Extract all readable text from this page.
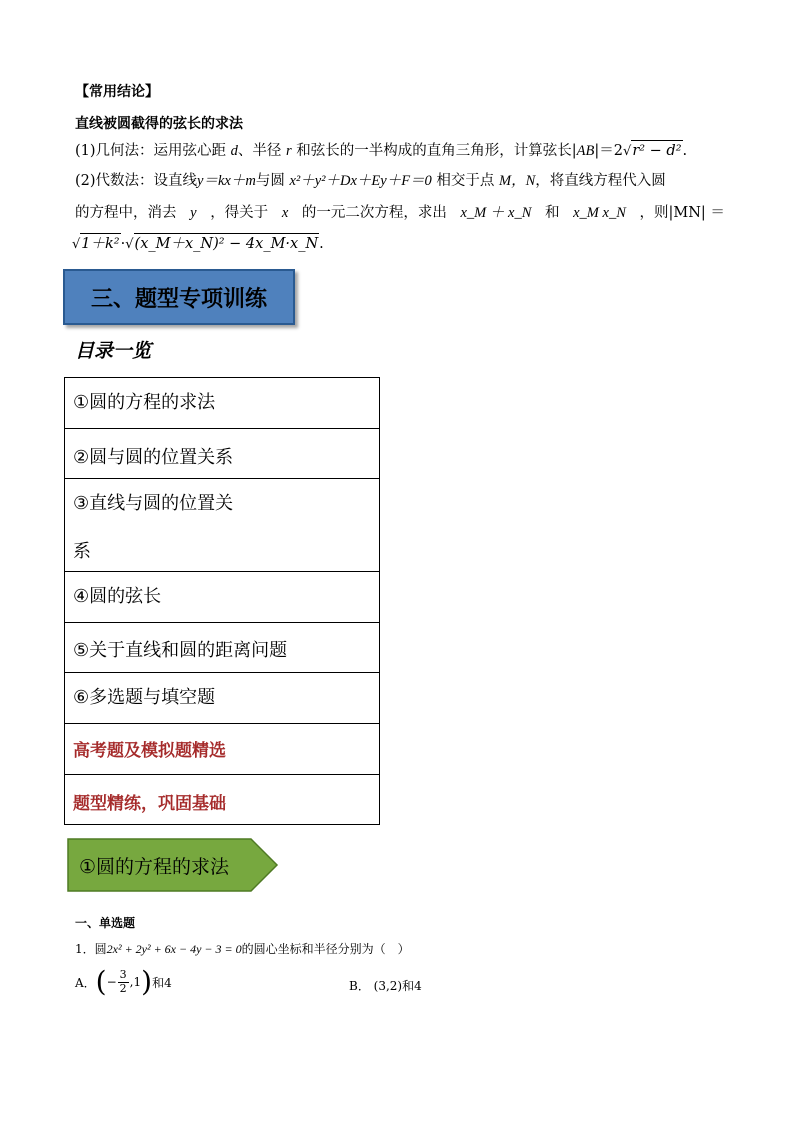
【常用结论】
直线被圆截得的弦长的求法
(1)几何法：运用弦心距 d、半径 r 和弦长的一半构成的直角三角形，计算弦长|AB|＝2√r² − d².
(2)代数法：设直线y＝kx＋m与圆 x²＋y²＋Dx＋Ey＋F＝0 相交于点 M，N，将直线方程代入圆
的方程中，消去 y ，得关于 x 的一元二次方程，求出 x_M ＋ x_N 和 x_M x_N ，则|MN| ＝
√1＋k²·√(x_M＋x_N)² − 4x_M·x_N.
三、题型专项训练
目录一览
①圆的方程的求法
②圆与圆的位置关系
③直线与圆的位置关
系
④圆的弦长
⑤关于直线和圆的距离问题
⑥多选题与填空题
高考题及模拟题精选
题型精练，巩固基础
①圆的方程的求法
一、单选题
1．圆2x² + 2y² + 6x − 4y − 3 = 0的圆心坐标和半径分别为（　）
A． ( − $\frac{3}{2} ,1$ ) 和4	B． (3,2)和4
